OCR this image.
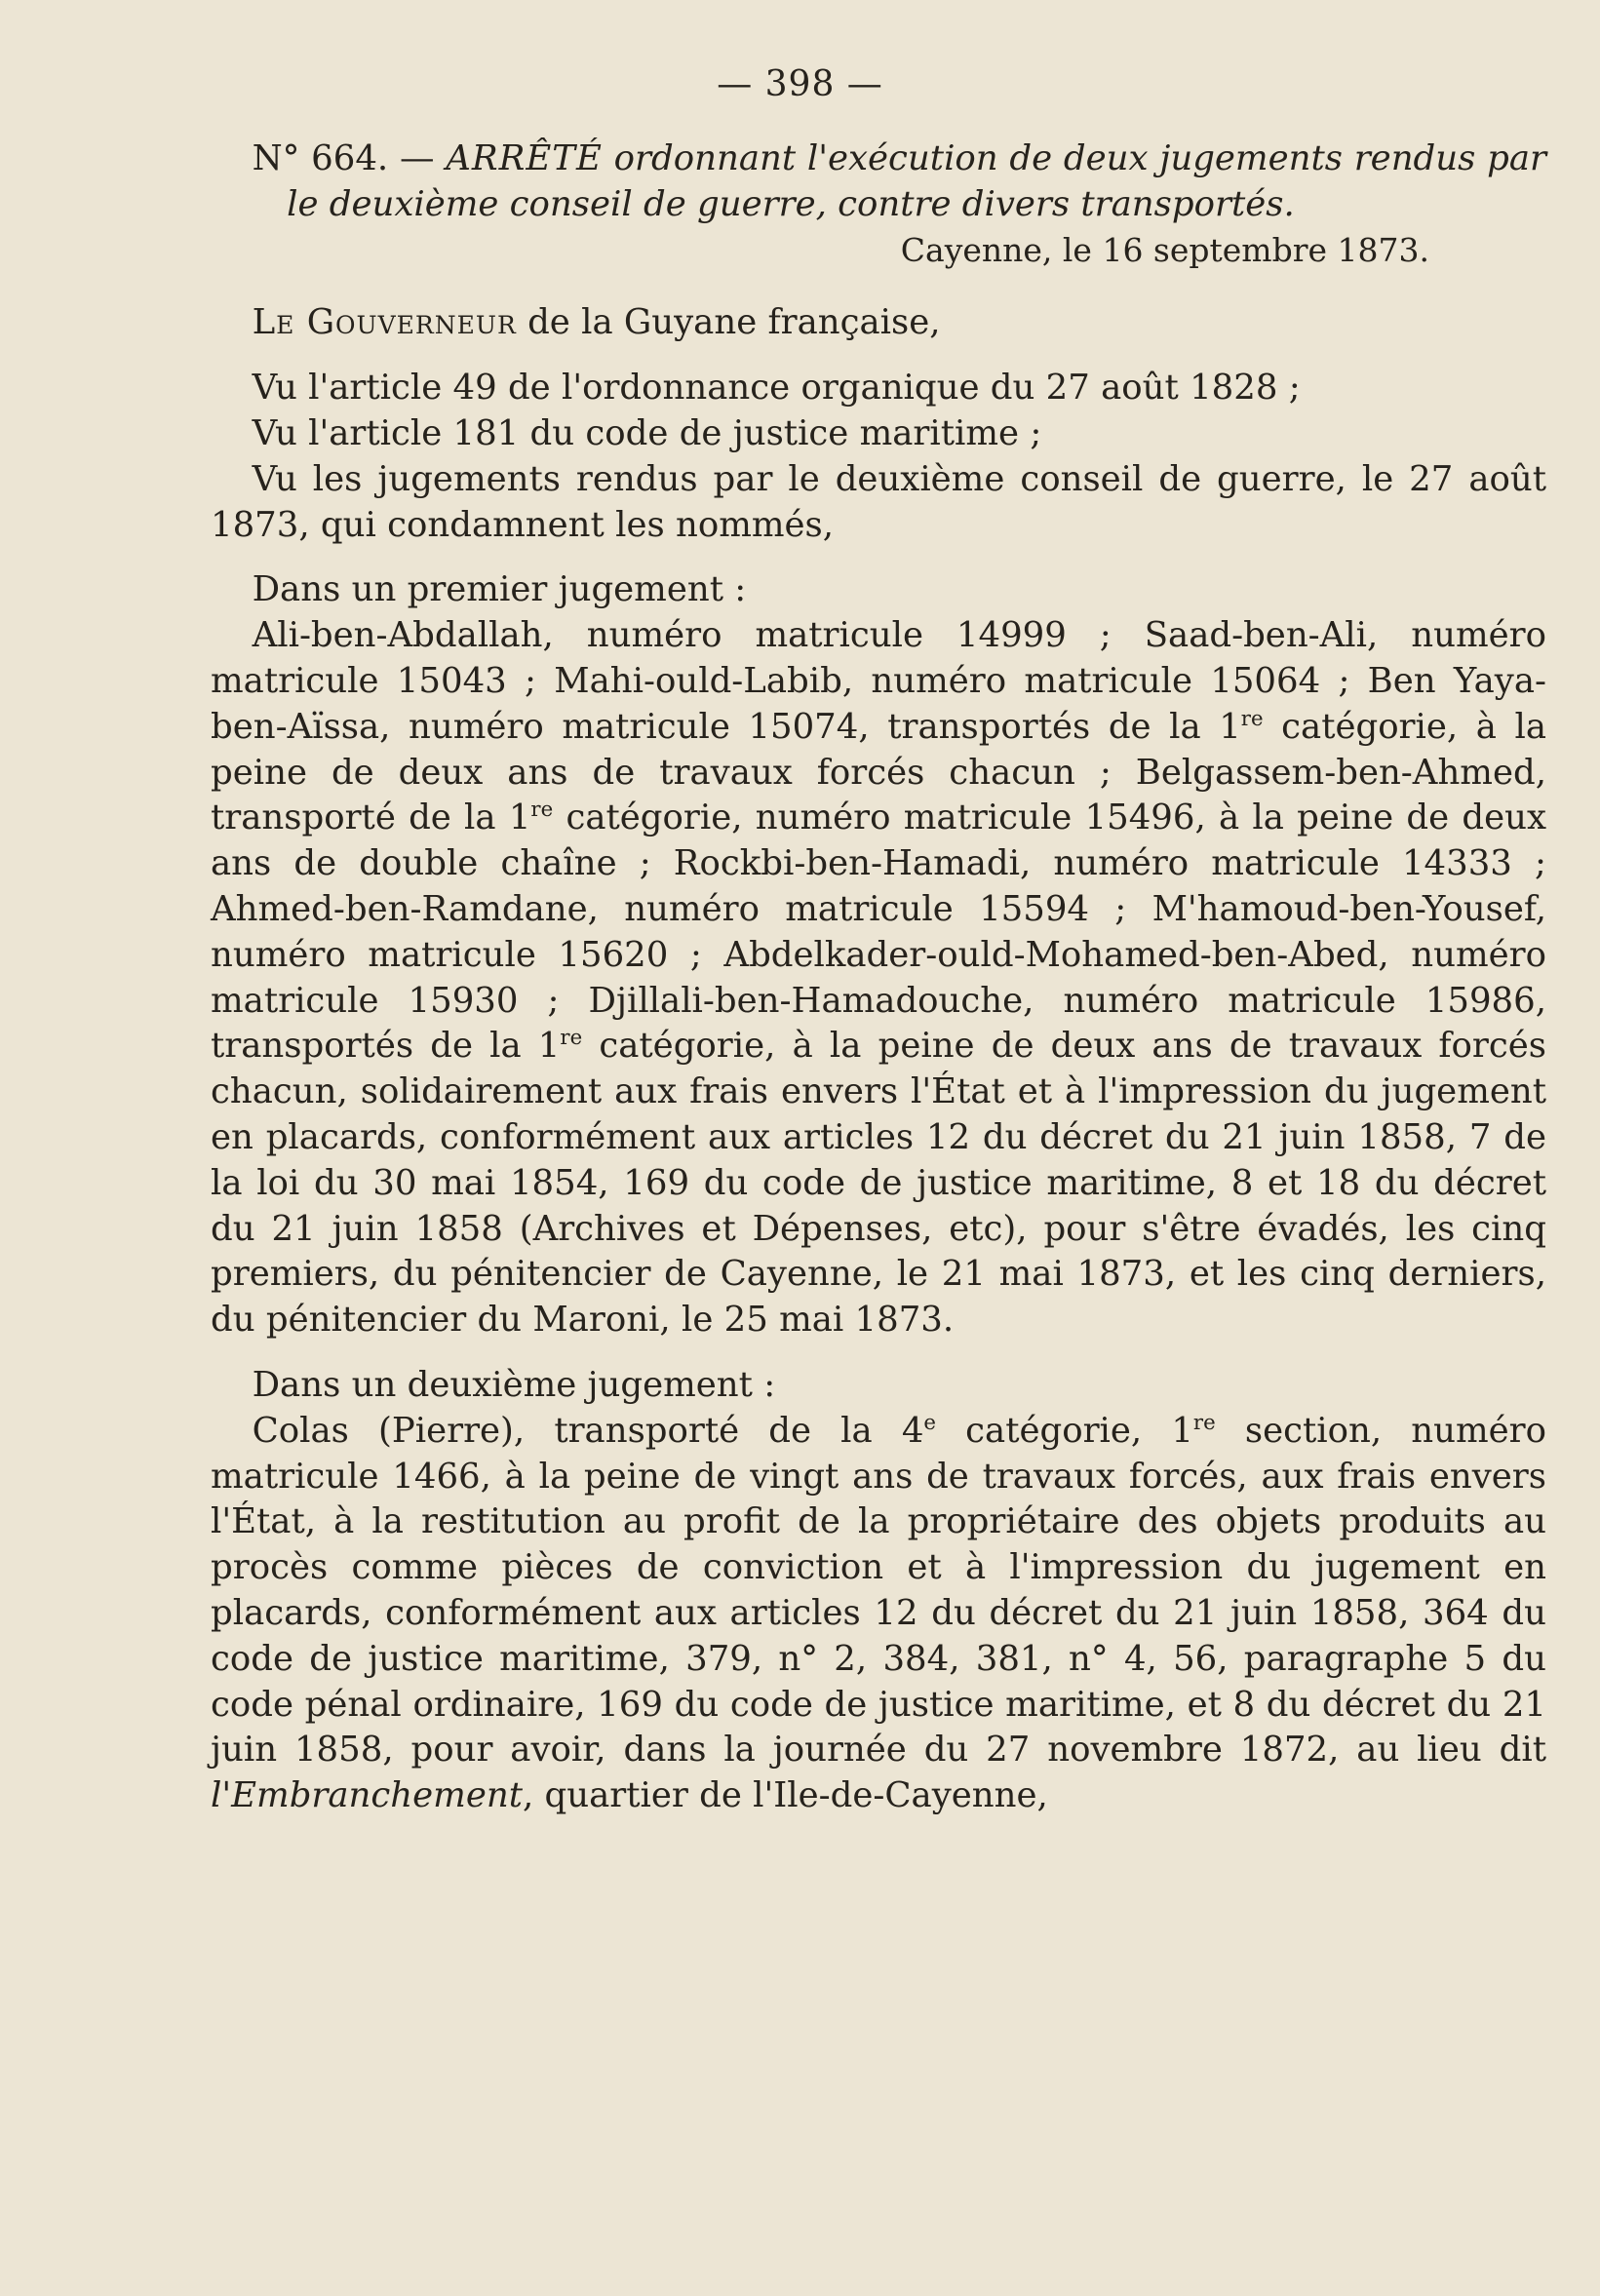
— 398 —

N° 664. — ARRÊTÉ ordonnant l'exécution de deux jugements rendus par le deuxième conseil de guerre, contre divers transportés.

Cayenne, le 16 septembre 1873.

Le Gouverneur de la Guyane française,

Vu l'article 49 de l'ordonnance organique du 27 août 1828 ;

Vu l'article 181 du code de justice maritime ;

Vu les jugements rendus par le deuxième conseil de guerre, le 27 août 1873, qui condamnent les nommés,

Dans un premier jugement :

Ali-ben-Abdallah, numéro matricule 14999 ; Saad-ben-Ali, numéro matricule 15043 ; Mahi-ould-Labib, numéro matricule 15064 ; Ben Yaya-ben-Aïssa, numéro matricule 15074, transportés de la 1re catégorie, à la peine de deux ans de travaux forcés chacun ; Belgassem-ben-Ahmed, transporté de la 1re catégorie, numéro matricule 15496, à la peine de deux ans de double chaîne ; Rockbi-ben-Hamadi, numéro matricule 14333 ; Ahmed-ben-Ramdane, numéro matricule 15594 ; M'hamoud-ben-Yousef, numéro matricule 15620 ; Abdelkader-ould-Mohamed-ben-Abed, numéro matricule 15930 ; Djillali-ben-Hamadouche, numéro matricule 15986, transportés de la 1re catégorie, à la peine de deux ans de travaux forcés chacun, solidairement aux frais envers l'État et à l'impression du jugement en placards, conformément aux articles 12 du décret du 21 juin 1858, 7 de la loi du 30 mai 1854, 169 du code de justice maritime, 8 et 18 du décret du 21 juin 1858 (Archives et Dépenses, etc), pour s'être évadés, les cinq premiers, du pénitencier de Cayenne, le 21 mai 1873, et les cinq derniers, du pénitencier du Maroni, le 25 mai 1873.

Dans un deuxième jugement :

Colas (Pierre), transporté de la 4e catégorie, 1re section, numéro matricule 1466, à la peine de vingt ans de travaux forcés, aux frais envers l'État, à la restitution au profit de la propriétaire des objets produits au procès comme pièces de conviction et à l'impression du jugement en placards, conformément aux articles 12 du décret du 21 juin 1858, 364 du code de justice maritime, 379, n° 2, 384, 381, n° 4, 56, paragraphe 5 du code pénal ordinaire, 169 du code de justice maritime, et 8 du décret du 21 juin 1858, pour avoir, dans la journée du 27 novembre 1872, au lieu dit l'Embranchement, quartier de l'Ile-de-Cayenne,
